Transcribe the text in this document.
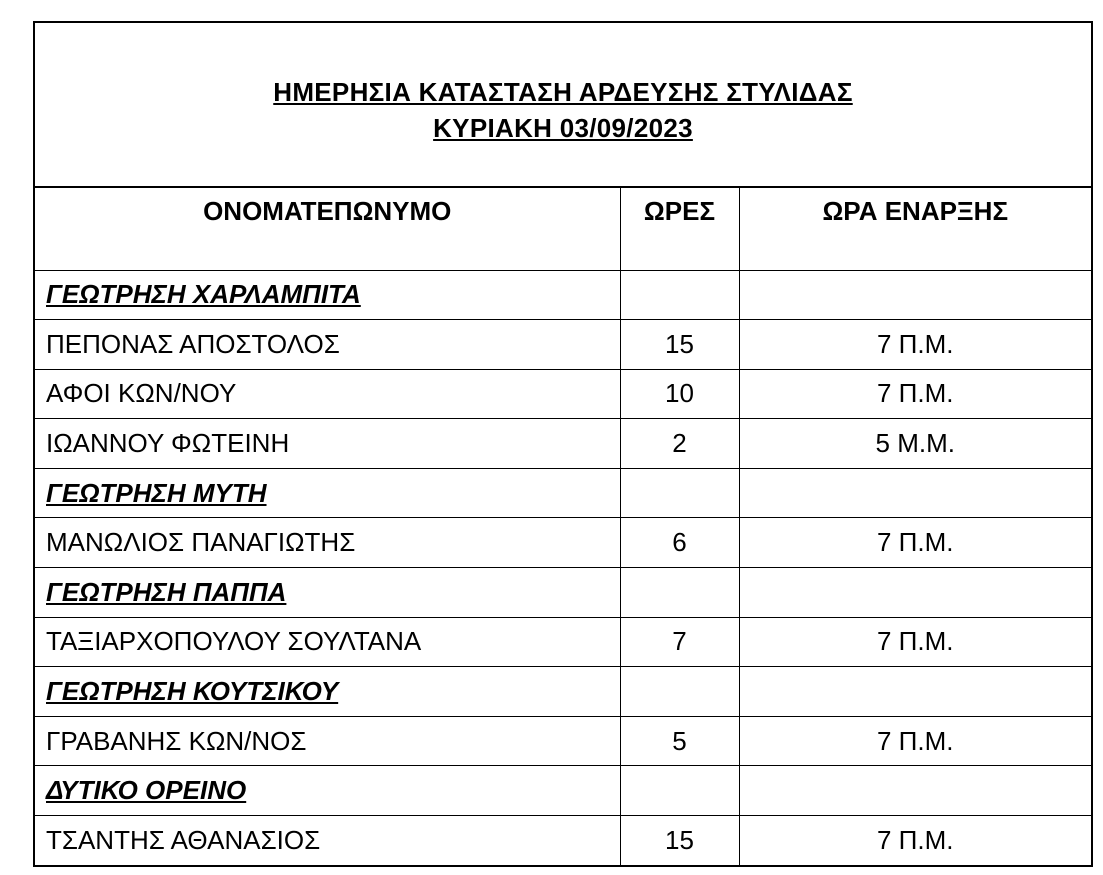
ΗΜΕΡΗΣΙΑ ΚΑΤΑΣΤΑΣΗ ΑΡΔΕΥΣΗΣ ΣΤΥΛΙΔΑΣ
ΚΥΡΙΑΚΗ 03/09/2023
ΟΝΟΜΑΤΕΠΩΝΥΜΟ	ΩΡΕΣ	ΩΡΑ ΕΝΑΡΞΗΣ
ΓΕΩΤΡΗΣΗ ΧΑΡΛΑΜΠΙΤΑ		
ΠΕΠΟΝΑΣ ΑΠΟΣΤΟΛΟΣ	15	7 Π.Μ.
ΑΦΟΙ ΚΩΝ/ΝΟΥ	10	7 Π.Μ.
ΙΩΑΝΝΟΥ ΦΩΤΕΙΝΗ	2	5 Μ.Μ.
ΓΕΩΤΡΗΣΗ ΜΥΤΗ		
ΜΑΝΩΛΙΟΣ ΠΑΝΑΓΙΩΤΗΣ	6	7 Π.Μ.
ΓΕΩΤΡΗΣΗ ΠΑΠΠΑ		
ΤΑΞΙΑΡΧΟΠΟΥΛΟΥ ΣΟΥΛΤΑΝΑ	7	7 Π.Μ.
ΓΕΩΤΡΗΣΗ ΚΟΥΤΣΙΚΟΥ		
ΓΡΑΒΑΝΗΣ ΚΩΝ/ΝΟΣ	5	7 Π.Μ.
ΔΥΤΙΚΟ ΟΡΕΙΝΟ		
ΤΣΑΝΤΗΣ ΑΘΑΝΑΣΙΟΣ	15	7 Π.Μ.
